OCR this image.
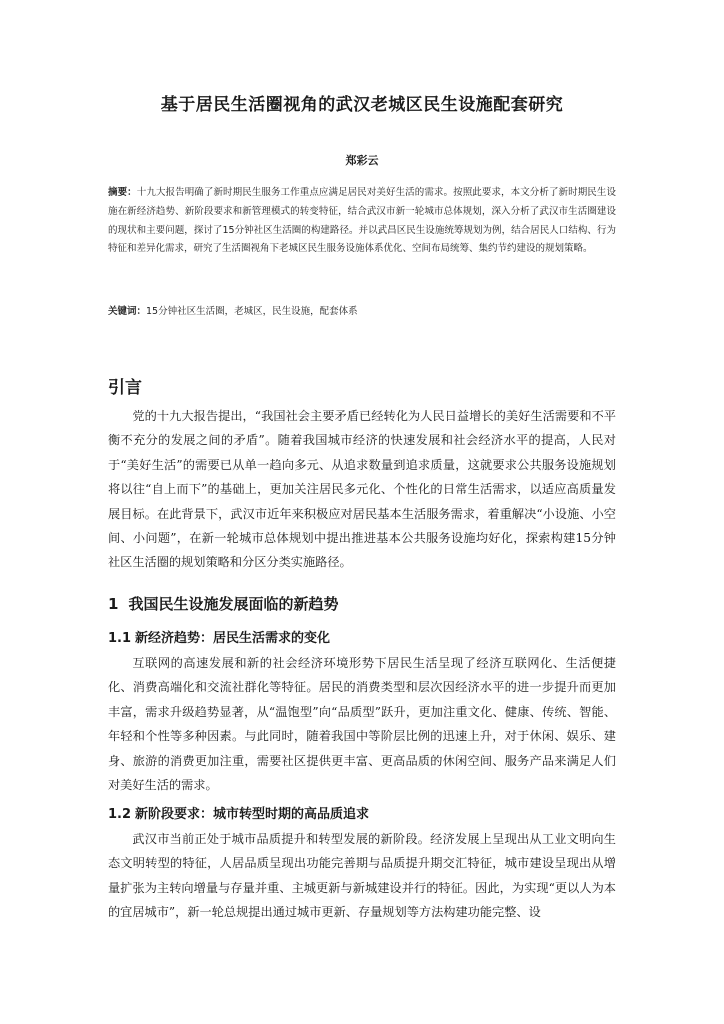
基于居民生活圈视角的武汉老城区民生设施配套研究
郑彩云
摘要：十九大报告明确了新时期民生服务工作重点应满足居民对美好生活的需求。按照此要求，本文分析了新时期民生设施在新经济趋势、新阶段要求和新管理模式的转变特征，结合武汉市新一轮城市总体规划，深入分析了武汉市生活圈建设的现状和主要问题，探讨了15分钟社区生活圈的构建路径。并以武昌区民生设施统筹规划为例，结合居民人口结构、行为特征和差异化需求，研究了生活圈视角下老城区民生服务设施体系优化、空间布局统筹、集约节约建设的规划策略。
关键词：15分钟社区生活圈，老城区，民生设施，配套体系
引言
党的十九大报告提出，“我国社会主要矛盾已经转化为人民日益增长的美好生活需要和不平衡不充分的发展之间的矛盾”。随着我国城市经济的快速发展和社会经济水平的提高，人民对于“美好生活”的需要已从单一趋向多元、从追求数量到追求质量，这就要求公共服务设施规划将以往“自上而下”的基础上，更加关注居民多元化、个性化的日常生活需求，以适应高质量发展目标。在此背景下，武汉市近年来积极应对居民基本生活服务需求，着重解决“小设施、小空间、小问题”，在新一轮城市总体规划中提出推进基本公共服务设施均好化，探索构建15分钟社区生活圈的规划策略和分区分类实施路径。
1 我国民生设施发展面临的新趋势
1.1 新经济趋势：居民生活需求的变化
互联网的高速发展和新的社会经济环境形势下居民生活呈现了经济互联网化、生活便捷化、消费高端化和交流社群化等特征。居民的消费类型和层次因经济水平的进一步提升而更加丰富，需求升级趋势显著，从“温饱型”向“品质型”跃升，更加注重文化、健康、传统、智能、年轻和个性等多种因素。与此同时，随着我国中等阶层比例的迅速上升，对于休闲、娱乐、建身、旅游的消费更加注重，需要社区提供更丰富、更高品质的休闲空间、服务产品来满足人们对美好生活的需求。
1.2 新阶段要求：城市转型时期的高品质追求
武汉市当前正处于城市品质提升和转型发展的新阶段。经济发展上呈现出从工业文明向生态文明转型的特征，人居品质呈现出功能完善期与品质提升期交汇特征，城市建设呈现出从增量扩张为主转向增量与存量并重、主城更新与新城建设并行的特征。因此，为实现“更以人为本的宜居城市”，新一轮总规提出通过城市更新、存量规划等方法构建功能完整、设
